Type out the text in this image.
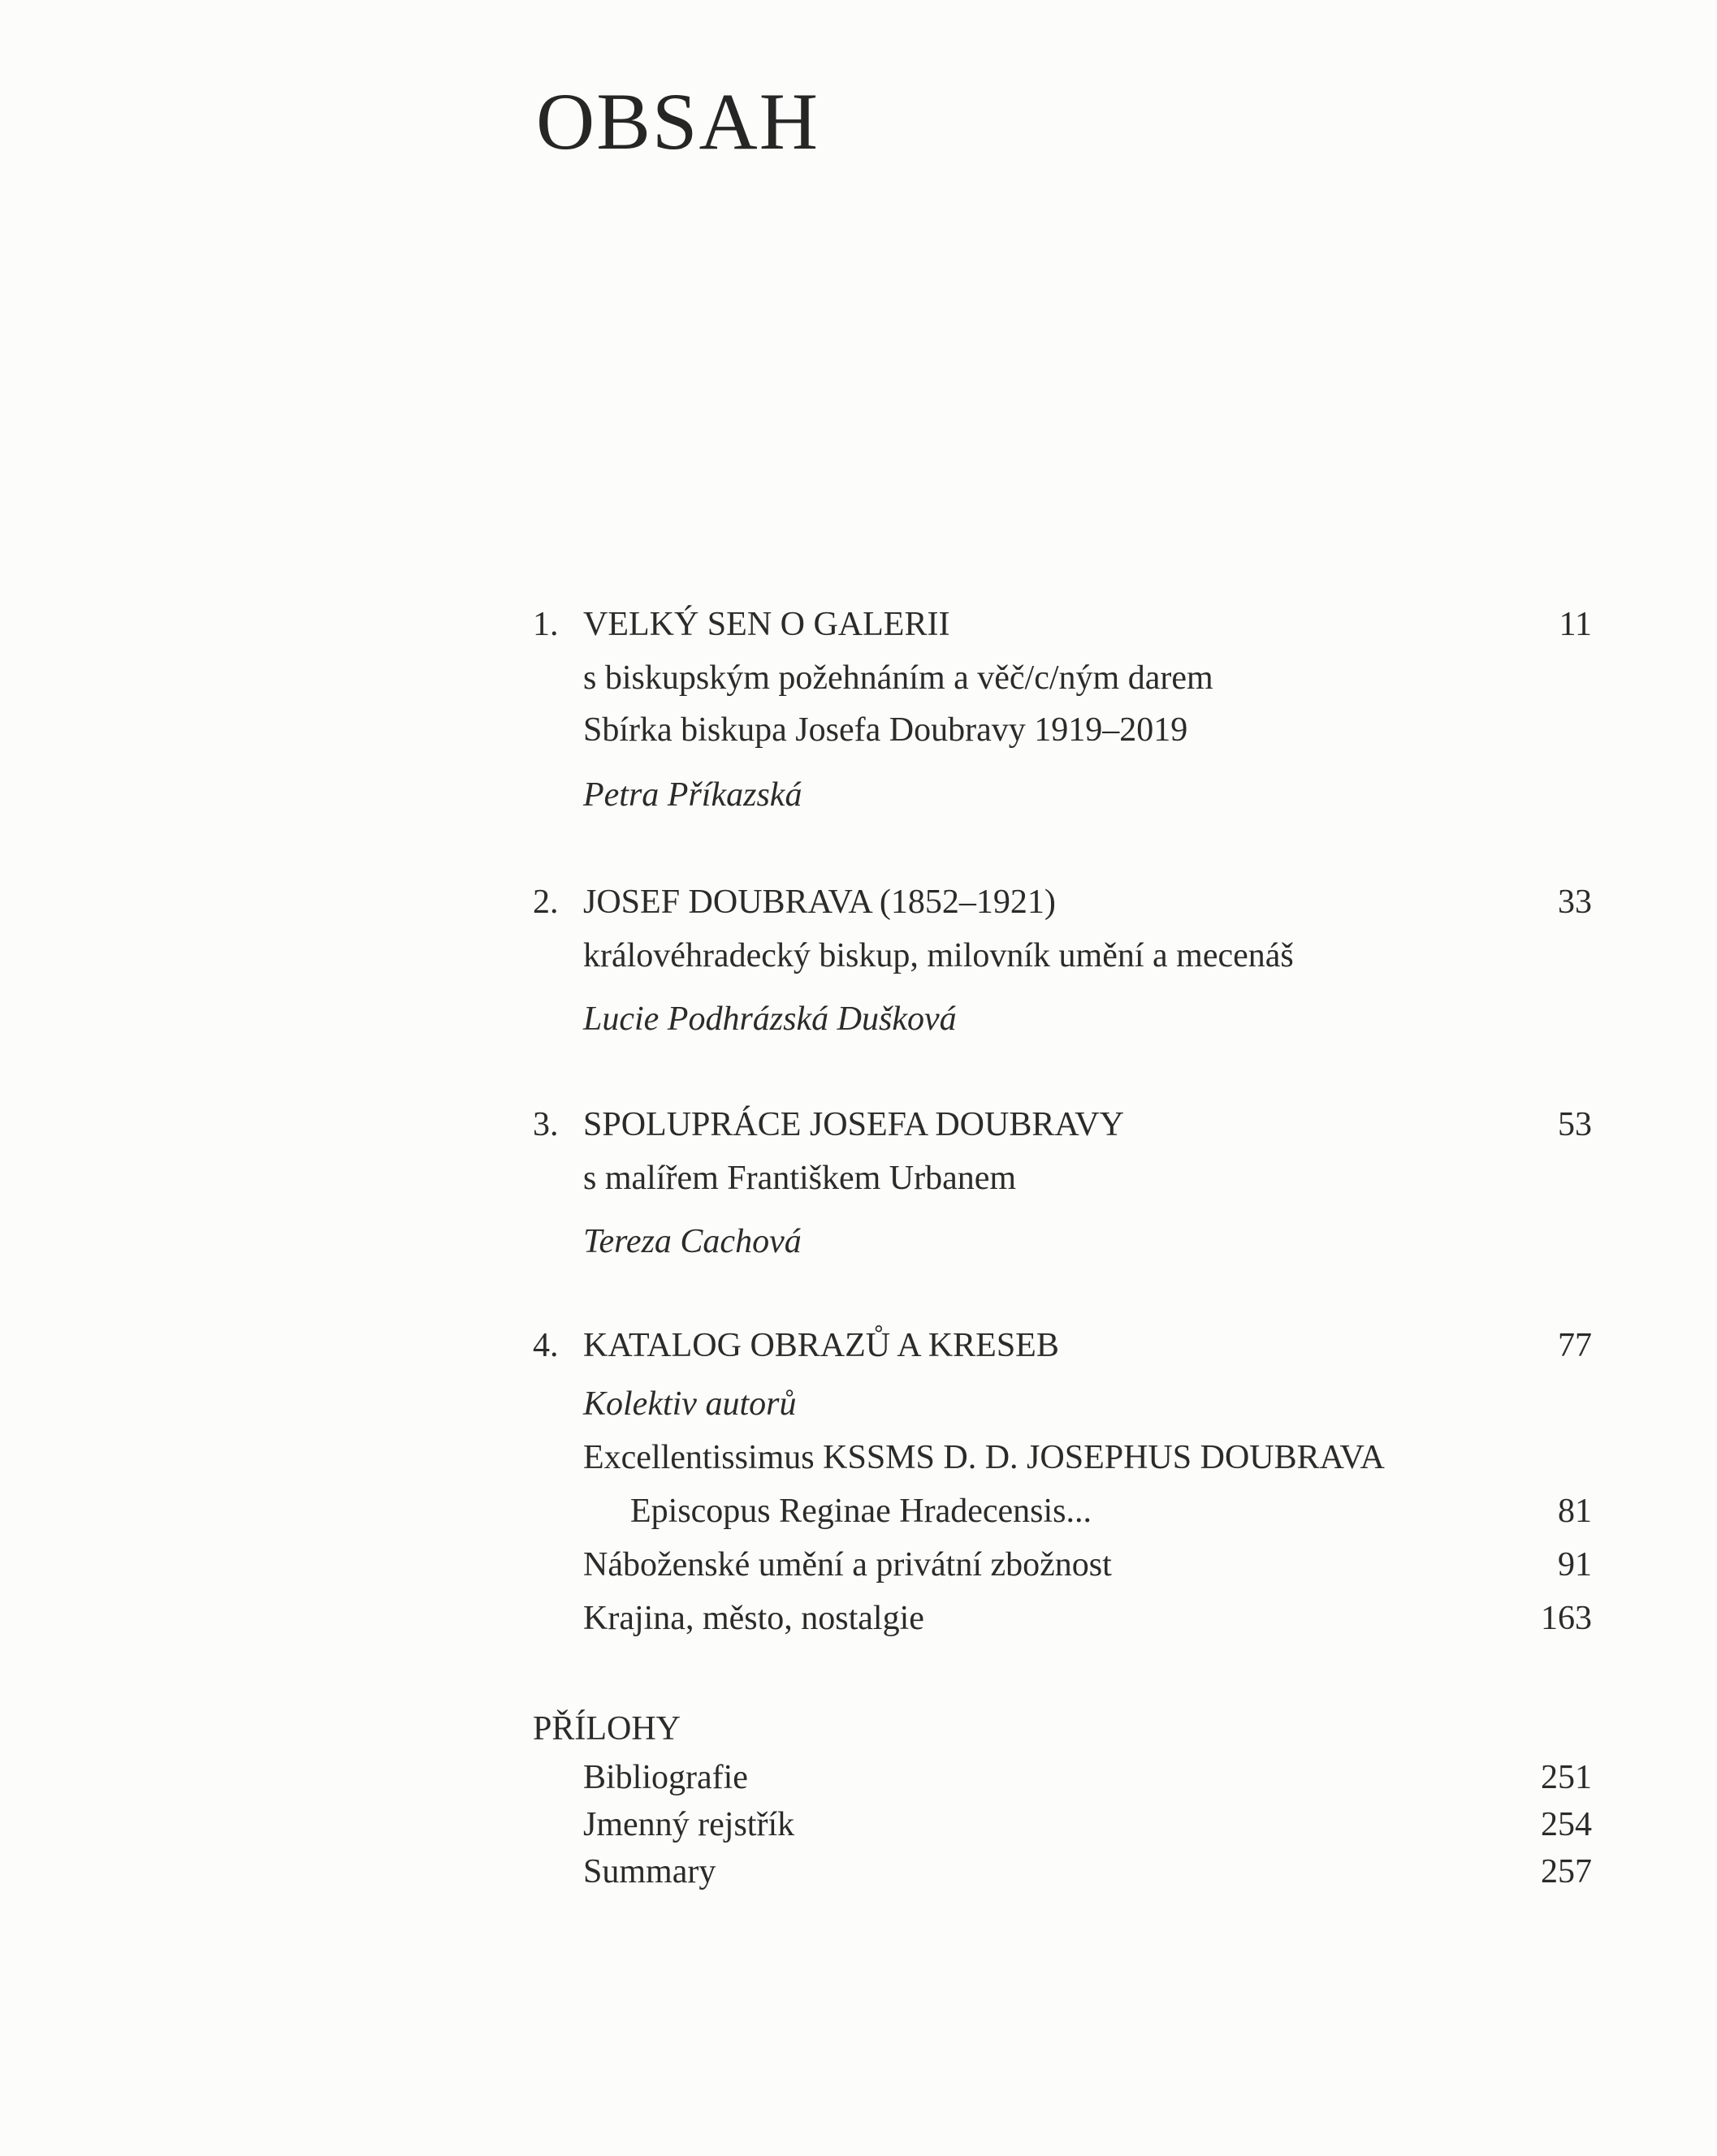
OBSAH
1. VELKÝ SEN O GALERII	11
s biskupským požehnáním a věč/c/ným darem
Sbírka biskupa Josefa Doubravy 1919–2019
Petra Příkazská
2. JOSEF DOUBRAVA (1852–1921)	33
královéhradecký biskup, milovník umění a mecenáš
Lucie Podhrázská Dušková
3. SPOLUPRÁCE JOSEFA DOUBRAVY	53
s malířem Františkem Urbanem
Tereza Cachová
4. KATALOG OBRAZŮ A KRESEB	77
Kolektiv autorů
Excellentissimus KSSMS D. D. JOSEPHUS DOUBRAVA
Episcopus Reginae Hradecensis...	81
Náboženské umění a privátní zbožnost	91
Krajina, město, nostalgie	163
PŘÍLOHY
Bibliografie	251
Jmenný rejstřík	254
Summary	257
